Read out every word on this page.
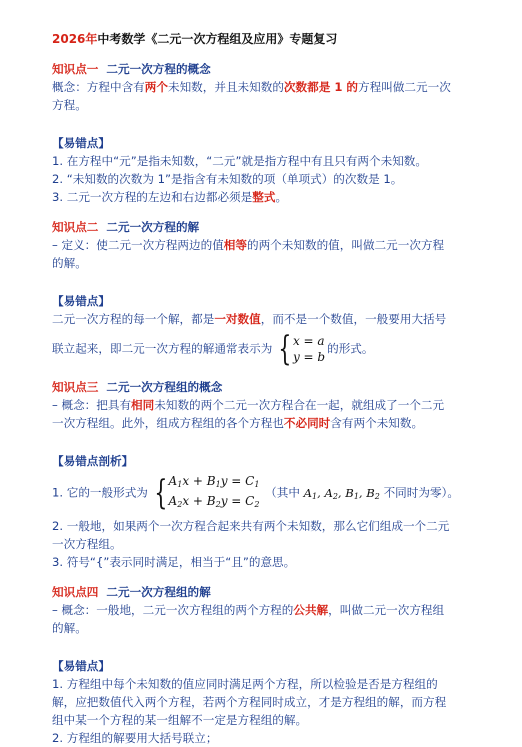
2026年中考数学《二元一次方程组及应用》专题复习
知识点一 二元一次方程的概念
概念：方程中含有两个未知数，并且未知数的次数都是 1 的方程叫做二元一次
方程。
【易错点】
1. 在方程中“元”是指未知数，“二元”就是指方程中有且只有两个未知数。
2. “未知数的次数为 1”是指含有未知数的项（单项式）的次数是 1。
3. 二元一次方程的左边和右边都必须是整式。
知识点二 二元一次方程的解
– 定义：使二元一次方程两边的值相等的两个未知数的值，叫做二元一次方程
的解。
【易错点】
二元一次方程的每一个解，都是一对数值，而不是一个数值，一般要用大括号
联立起来，即二元一次方程的解通常表示为 { x = a
y = b
的形式。
知识点三 二元一次方程组的概念
– 概念：把具有相同未知数的两个二元一次方程合在一起，就组成了一个二元
一次方程组。此外，组成方程组的各个方程也不必同时含有两个未知数。
【易错点剖析】
1. 它的一般形式为 { $A_1x + B_1y = C_1$
$A_2x + B_2y = C_2$
（其中 $A_1$, $A_2$, $B_1$, $B_2$ 不同时为零）。
2. 一般地，如果两个一次方程合起来共有两个未知数，那么它们组成一个二元
一次方程组。
3. 符号“{”表示同时满足，相当于“且”的意思。
知识点四 二元一次方程组的解
– 概念：一般地，二元一次方程组的两个方程的公共解，叫做二元一次方程组
的解。
【易错点】
1. 方程组中每个未知数的值应同时满足两个方程，所以检验是否是方程组的
解，应把数值代入两个方程，若两个方程同时成立，才是方程组的解，而方程
组中某一个方程的某一组解不一定是方程组的解。
2. 方程组的解要用大括号联立；
